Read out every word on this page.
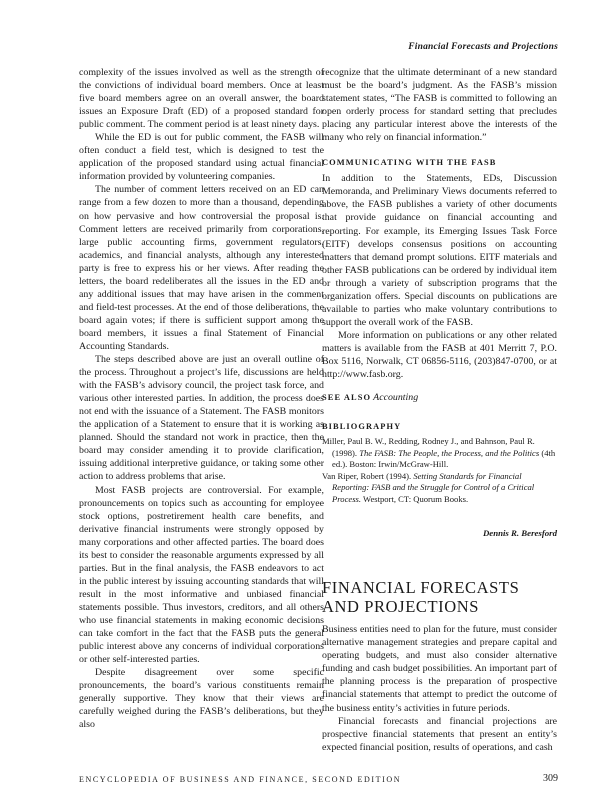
Financial Forecasts and Projections

complexity of the issues involved as well as the strength of the convictions of individual board members. Once at least five board members agree on an overall answer, the board issues an Exposure Draft (ED) of a proposed standard for public comment. The comment period is at least ninety days.

While the ED is out for public comment, the FASB will often conduct a field test, which is designed to test the application of the proposed standard using actual financial information provided by volunteering companies.

The number of comment letters received on an ED can range from a few dozen to more than a thousand, depending on how pervasive and how controversial the proposal is. Comment letters are received primarily from corporations, large public accounting firms, government regulators, academics, and financial analysts, although any interested party is free to express his or her views. After reading the letters, the board redeliberates all the issues in the ED and any additional issues that may have arisen in the comment and field-test processes. At the end of those deliberations, the board again votes; if there is sufficient support among the board members, it issues a final Statement of Financial Accounting Standards.

The steps described above are just an overall outline of the process. Throughout a project’s life, discussions are held with the FASB’s advisory council, the project task force, and various other interested parties. In addition, the process does not end with the issuance of a Statement. The FASB monitors the application of a Statement to ensure that it is working as planned. Should the standard not work in practice, then the board may consider amending it to provide clarification, issuing additional interpretive guidance, or taking some other action to address problems that arise.

Most FASB projects are controversial. For example, pronouncements on topics such as accounting for employee stock options, postretirement health care benefits, and derivative financial instruments were strongly opposed by many corporations and other affected parties. The board does its best to consider the reasonable arguments expressed by all parties. But in the final analysis, the FASB endeavors to act in the public interest by issuing accounting standards that will result in the most informative and unbiased financial statements possible. Thus investors, creditors, and all others who use financial statements in making economic decisions can take comfort in the fact that the FASB puts the general public interest above any concerns of individual corporations or other self-interested parties.

Despite disagreement over some specific pronouncements, the board’s various constituents remain generally supportive. They know that their views are carefully weighed during the FASB’s deliberations, but they also

recognize that the ultimate determinant of a new standard must be the board’s judgment. As the FASB’s mission statement states, “The FASB is committed to following an open orderly process for standard setting that precludes placing any particular interest above the interests of the many who rely on financial information.”

COMMUNICATING WITH THE FASB

In addition to the Statements, EDs, Discussion Memoranda, and Preliminary Views documents referred to above, the FASB publishes a variety of other documents that provide guidance on financial accounting and reporting. For example, its Emerging Issues Task Force (EITF) develops consensus positions on accounting matters that demand prompt solutions. EITF materials and other FASB publications can be ordered by individual item or through a variety of subscription programs that the organization offers. Special discounts on publications are available to parties who make voluntary contributions to support the overall work of the FASB.

More information on publications or any other related matters is available from the FASB at 401 Merritt 7, P.O. Box 5116, Norwalk, CT 06856-5116, (203)847-0700, or at http://www.fasb.org.

SEE ALSO Accounting
BIBLIOGRAPHY

Miller, Paul B. W., Redding, Rodney J., and Bahnson, Paul R. (1998). The FASB: The People, the Process, and the Politics (4th ed.). Boston: Irwin/McGraw-Hill.

Van Riper, Robert (1994). Setting Standards for Financial Reporting: FASB and the Struggle for Control of a Critical Process. Westport, CT: Quorum Books.

Dennis R. Beresford
FINANCIAL FORECASTS
AND PROJECTIONS

Business entities need to plan for the future, must consider alternative management strategies and prepare capital and operating budgets, and must also consider alternative funding and cash budget possibilities. An important part of the planning process is the preparation of prospective financial statements that attempt to predict the outcome of the business entity’s activities in future periods.

Financial forecasts and financial projections are prospective financial statements that present an entity’s expected financial position, results of operations, and cash

ENCYCLOPEDIA OF BUSINESS AND FINANCE, SECOND EDITION	309
